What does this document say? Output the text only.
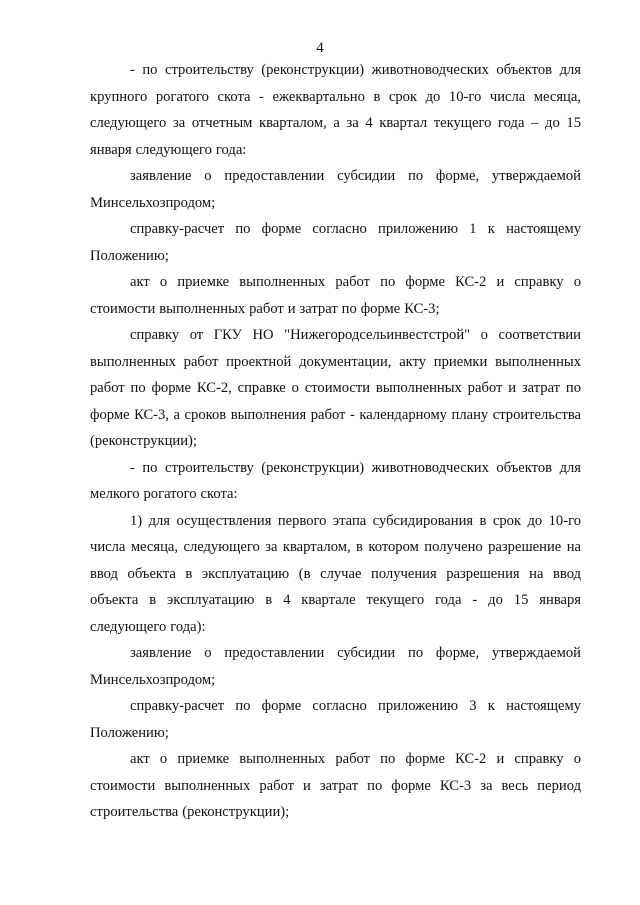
4

- по строительству (реконструкции) животноводческих объектов для крупного рогатого скота - ежеквартально в срок до 10-го числа месяца, следующего за отчетным кварталом, а за 4 квартал текущего года – до 15 января следующего года:

заявление о предоставлении субсидии по форме, утверждаемой Минсельхозпродом;

справку-расчет по форме согласно приложению 1 к настоящему Положению;

акт о приемке выполненных работ по форме КС-2 и справку о стоимости выполненных работ и затрат по форме КС-3;

справку от ГКУ НО "Нижегородсельинвестстрой" о соответствии выполненных работ проектной документации, акту приемки выполненных работ по форме КС-2, справке о стоимости выполненных работ и затрат по форме КС-3, а сроков выполнения работ - календарному плану строительства (реконструкции);

- по строительству (реконструкции) животноводческих объектов для мелкого рогатого скота:

1) для осуществления первого этапа субсидирования в срок до 10-го числа месяца, следующего за кварталом, в котором получено разрешение на ввод объекта в эксплуатацию (в случае получения разрешения на ввод объекта в эксплуатацию в 4 квартале текущего года - до 15 января следующего года):

заявление о предоставлении субсидии по форме, утверждаемой Минсельхозпродом;

справку-расчет по форме согласно приложению 3 к настоящему Положению;

акт о приемке выполненных работ по форме КС-2 и справку о стоимости выполненных работ и затрат по форме КС-3 за весь период строительства (реконструкции);
